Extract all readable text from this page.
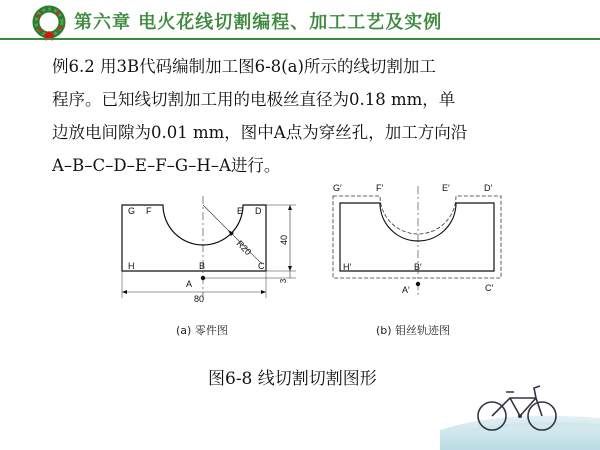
第六章 电火花线切割编程、加工工艺及实例
例6.2 用3B代码编制加工图6-8(a)所示的线切割加工
程序。已知线切割加工用的电极丝直径为0.18 mm，单
边放电间隙为0.01 mm，图中A点为穿丝孔，加工方向沿
A–B–C–D–E–F–G–H–A进行。
R20	40
3
80
G F	E D
H	B	C
A
G′	F′	E′	D′
H′	B′
C′
A′
(a) 零件图	(b) 钼丝轨迹图
图6-8 线切割切割图形
